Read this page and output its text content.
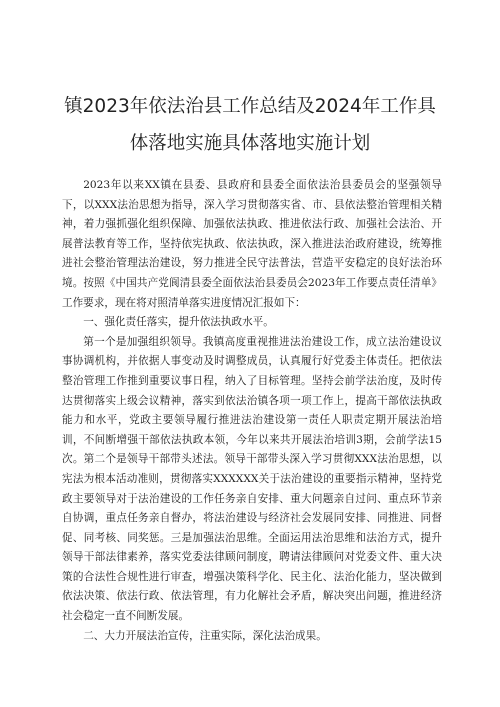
镇2023年依法治县工作总结及2024年工作具
体落地实施具体落地实施计划

2023年以来XX镇在县委、县政府和县委全面依法治县委员会的坚强领导下，以XXX法治思想为指导，深入学习贯彻落实省、市、县依法整治管理相关精神，着力强抓强化组织保障、加强依法执政、推进依法行政、加强社会法治、开展普法教育等工作，坚持依宪执政、依法执政，深入推进法治政府建设，统筹推进社会整治管理法治建设，努力推进全民守法普法，营造平安稳定的良好法治环境。按照《中国共产党阆清县委全面依法治县委员会2023年工作要点责任清单》工作要求，现在将对照清单落实进度情况汇报如下：

一、强化责任落实，提升依法执政水平。

第一个是加强组织领导。我镇高度重视推进法治建设工作，成立法治建设议事协调机构，并依据人事变动及时调整成员，认真履行好党委主体责任。把依法整治管理工作推到重要议事日程，纳入了目标管理。坚持会前学法治度，及时传达贯彻落实上级会议精神，落实到依法治镇各项一项工作上，提高干部依法执政能力和水平，党政主要领导履行推进法治建设第一责任人职责定期开展法治培训，不间断增强干部依法执政本领，今年以来共开展法治培训3期，会前学法15次。第二个是领导干部带头述法。领导干部带头深入学习贯彻XXX法治思想，以宪法为根本活动准则，贯彻落实XXXXXX关于法治建设的重要指示精神，坚持党政主要领导对于法治建设的工作任务亲自安排、重大问题亲自过问、重点环节亲自协调，重点任务亲自督办，将法治建设与经济社会发展同安排、同推进、同督促、同考核、同奖惩。三是加强法治思维。全面运用法治思维和法治方式，提升领导干部法律素养，落实党委法律顾问制度，聘请法律顾问对党委文件、重大决策的合法性合规性进行审查，增强决策科学化、民主化、法治化能力，坚决做到依法决策、依法行政、依法管理，有力化解社会矛盾，解决突出问题，推进经济社会稳定一直不间断发展。

二、大力开展法治宣传，注重实际，深化法治成果。
